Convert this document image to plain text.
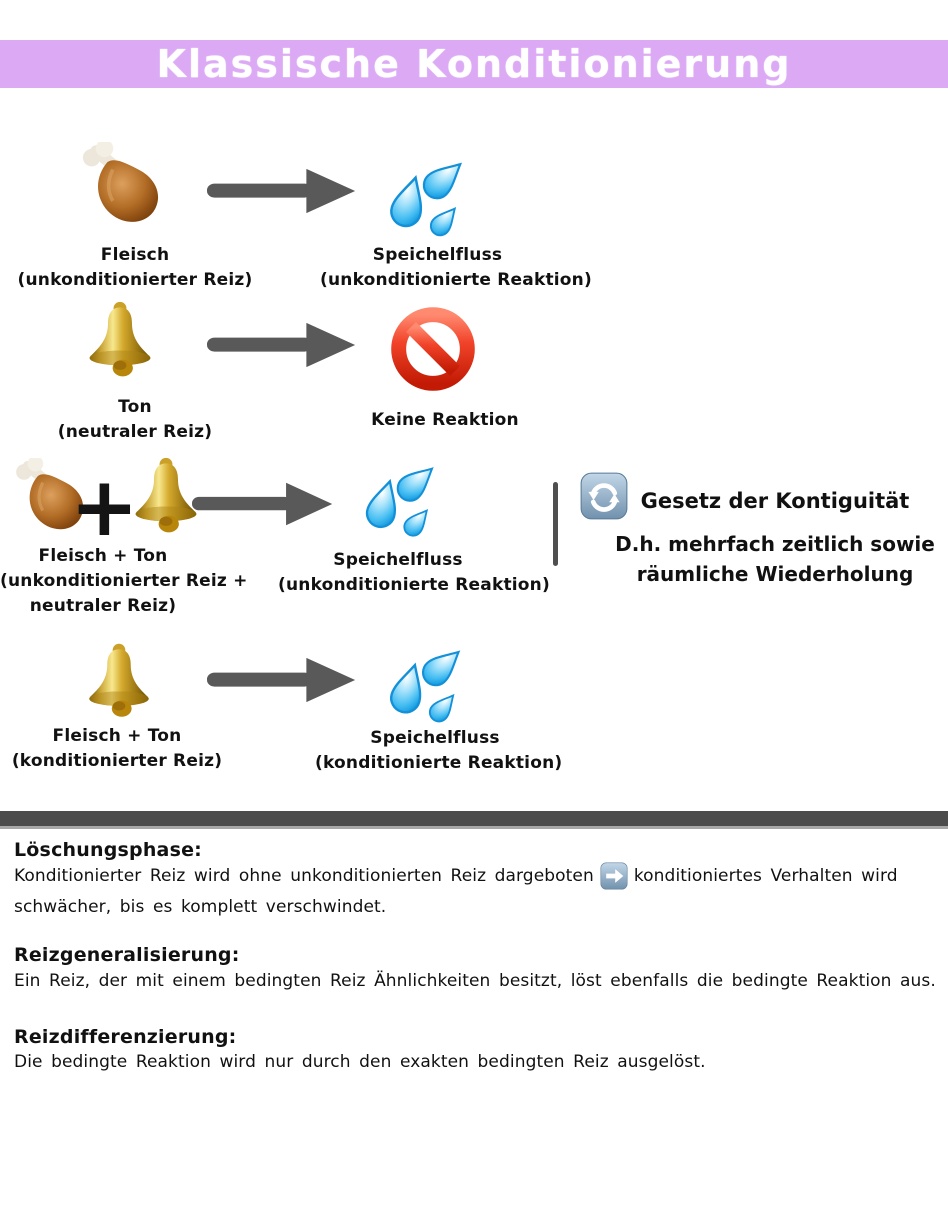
Klassische Konditionierung
Fleisch
(unkonditionierter Reiz)
Speichelfluss
(unkonditionierte Reaktion)
Ton
(neutraler Reiz)
Keine Reaktion
+
Fleisch + Ton
(unkonditionierter Reiz +
neutraler Reiz)
Speichelfluss
(unkonditionierte Reaktion)
Gesetz der Kontiguität
D.h. mehrfach zeitlich sowie
räumliche Wiederholung
Fleisch + Ton
(konditionierter Reiz)
Speichelfluss
(konditionierte Reaktion)
Löschungsphase:
Konditionierter Reiz wird ohne unkonditionierten Reiz dargeboten konditioniertes Verhalten wird
schwächer, bis es komplett verschwindet.
Reizgeneralisierung:
Ein Reiz, der mit einem bedingten Reiz Ähnlichkeiten besitzt, löst ebenfalls die bedingte Reaktion aus.
Reizdifferenzierung:
Die bedingte Reaktion wird nur durch den exakten bedingten Reiz ausgelöst.
